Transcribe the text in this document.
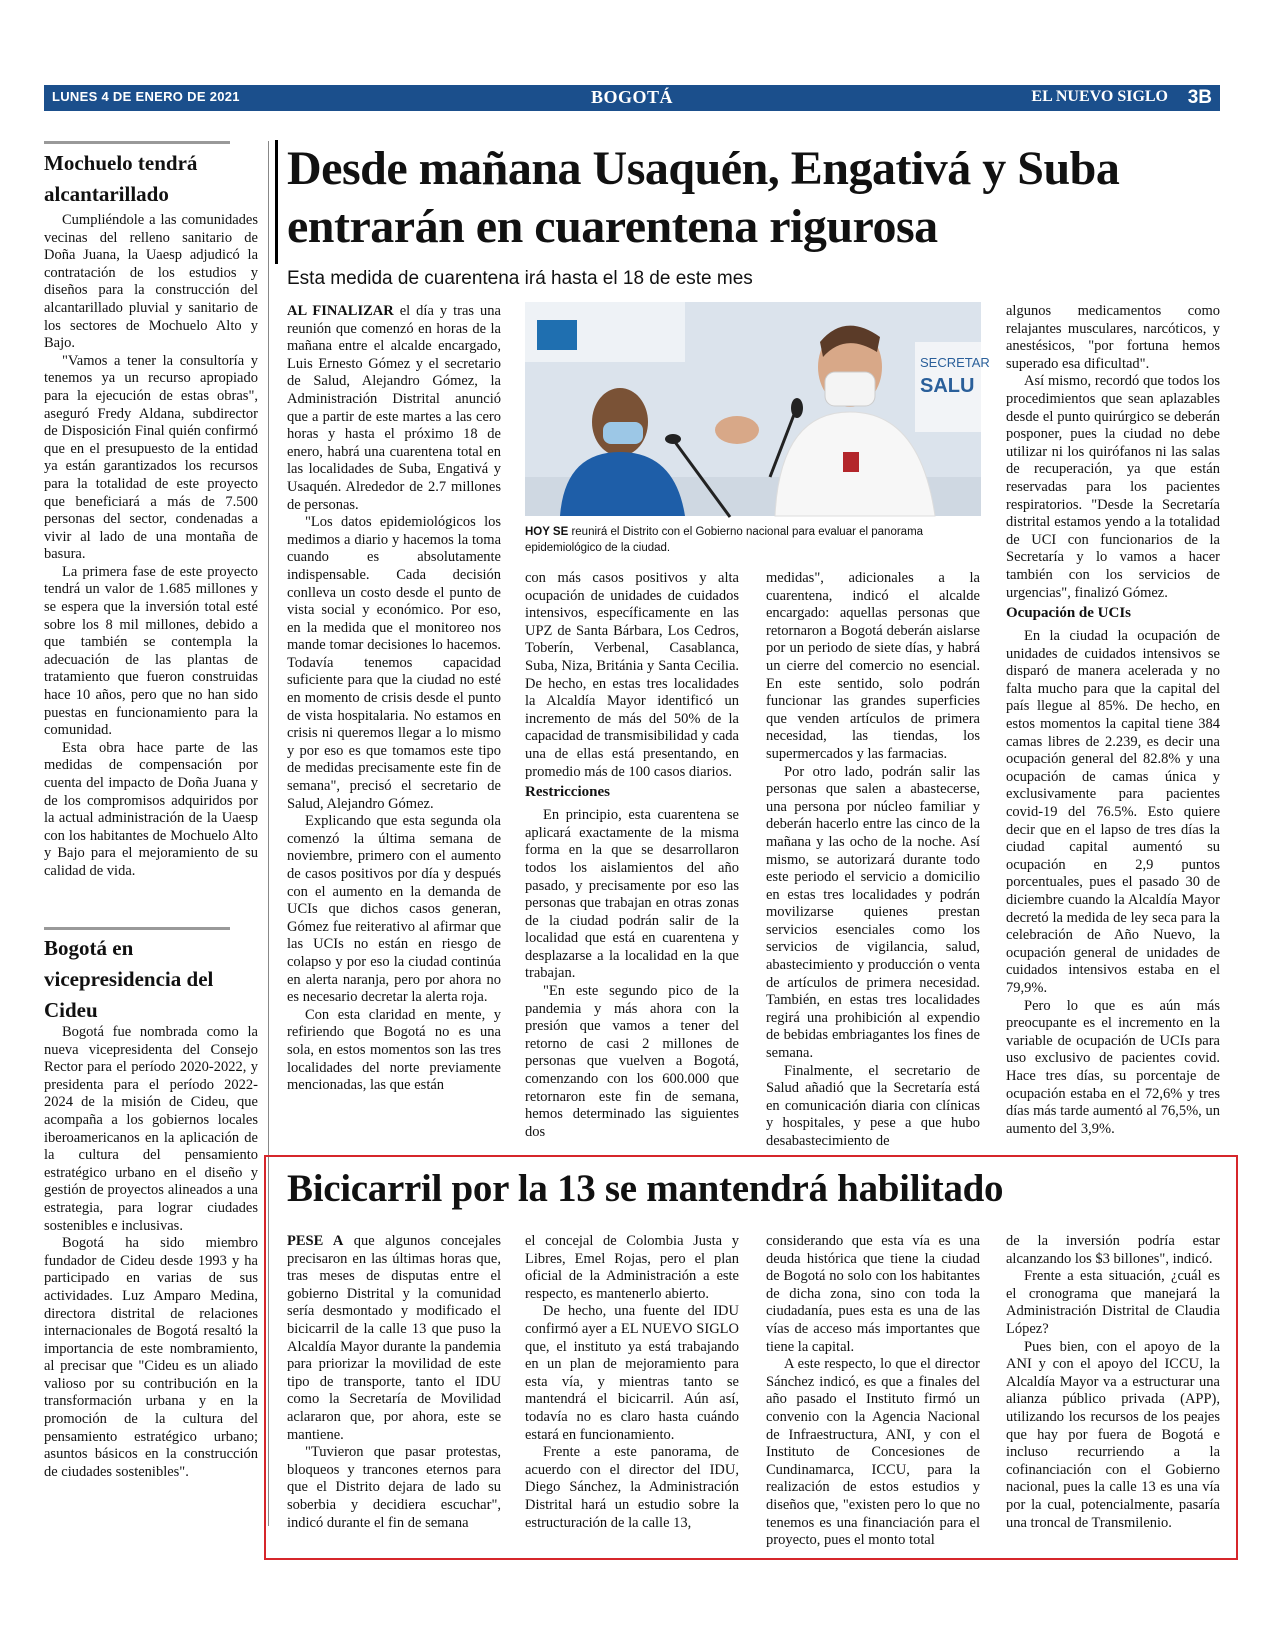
LUNES 4 DE ENERO DE 2021	BOGOTÁ	EL NUEVO SIGLO 3B
Mochuelo tendrá alcantarillado

Cumpliéndole a las comunidades vecinas del relleno sanitario de Doña Juana, la Uaesp adjudicó la contratación de los estudios y diseños para la construcción del alcantarillado pluvial y sanitario de los sectores de Mochuelo Alto y Bajo.

"Vamos a tener la consultoría y tenemos ya un recurso apropiado para la ejecución de estas obras", aseguró Fredy Aldana, subdirector de Disposición Final quién confirmó que en el presupuesto de la entidad ya están garantizados los recursos para la totalidad de este proyecto que beneficiará a más de 7.500 personas del sector, condenadas a vivir al lado de una montaña de basura.

La primera fase de este proyecto tendrá un valor de 1.685 millones y se espera que la inversión total esté sobre los 8 mil millones, debido a que también se contempla la adecuación de las plantas de tratamiento que fueron construidas hace 10 años, pero que no han sido puestas en funcionamiento para la comunidad.

Esta obra hace parte de las medidas de compensación por cuenta del impacto de Doña Juana y de los compromisos adquiridos por la actual administración de la Uaesp con los habitantes de Mochuelo Alto y Bajo para el mejoramiento de su calidad de vida.

Bogotá en vicepresidencia del Cideu

Bogotá fue nombrada como la nueva vicepresidenta del Consejo Rector para el período 2020-2022, y presidenta para el período 2022-2024 de la misión de Cideu, que acompaña a los gobiernos locales iberoamericanos en la aplicación de la cultura del pensamiento estratégico urbano en el diseño y gestión de proyectos alineados a una estrategia, para lograr ciudades sostenibles e inclusivas.

Bogotá ha sido miembro fundador de Cideu desde 1993 y ha participado en varias de sus actividades. Luz Amparo Medina, directora distrital de relaciones internacionales de Bogotá resaltó la importancia de este nombramiento, al precisar que "Cideu es un aliado valioso por su contribución en la transformación urbana y en la promoción de la cultura del pensamiento estratégico urbano; asuntos básicos en la construcción de ciudades sostenibles".

Desde mañana Usaquén, Engativá y Suba entrarán en cuarentena rigurosa
Esta medida de cuarentena irá hasta el 18 de este mes

AL FINALIZAR el día y tras una reunión que comenzó en horas de la mañana entre el alcalde encargado, Luis Ernesto Gómez y el secretario de Salud, Alejandro Gómez, la Administración Distrital anunció que a partir de este martes a las cero horas y hasta el próximo 18 de enero, habrá una cuarentena total en las localidades de Suba, Engativá y Usaquén. Alrededor de 2.7 millones de personas.

"Los datos epidemiológicos los medimos a diario y hacemos la toma cuando es absolutamente indispensable. Cada decisión conlleva un costo desde el punto de vista social y económico. Por eso, en la medida que el monitoreo nos mande tomar decisiones lo hacemos. Todavía tenemos capacidad suficiente para que la ciudad no esté en momento de crisis desde el punto de vista hospitalaria. No estamos en crisis ni queremos llegar a lo mismo y por eso es que tomamos este tipo de medidas precisamente este fin de semana", precisó el secretario de Salud, Alejandro Gómez.

Explicando que esta segunda ola comenzó la última semana de noviembre, primero con el aumento de casos positivos por día y después con el aumento en la demanda de UCIs que dichos casos generan, Gómez fue reiterativo al afirmar que las UCIs no están en riesgo de colapso y por eso la ciudad continúa en alerta naranja, pero por ahora no es necesario decretar la alerta roja.

Con esta claridad en mente, y refiriendo que Bogotá no es una sola, en estos momentos son las tres localidades del norte previamente mencionadas, las que están

SECRETAR
SALU
HOY SE reunirá el Distrito con el Gobierno nacional para evaluar el panorama epidemiológico de la ciudad.

con más casos positivos y alta ocupación de unidades de cuidados intensivos, específicamente en las UPZ de Santa Bárbara, Los Cedros, Toberín, Verbenal, Casablanca, Suba, Niza, Británia y Santa Cecilia. De hecho, en estas tres localidades la Alcaldía Mayor identificó un incremento de más del 50% de la capacidad de transmisibilidad y cada una de ellas está presentando, en promedio más de 100 casos diarios.

Restricciones

En principio, esta cuarentena se aplicará exactamente de la misma forma en la que se desarrollaron todos los aislamientos del año pasado, y precisamente por eso las personas que trabajan en otras zonas de la ciudad podrán salir de la localidad que está en cuarentena y desplazarse a la localidad en la que trabajan.

"En este segundo pico de la pandemia y más ahora con la presión que vamos a tener del retorno de casi 2 millones de personas que vuelven a Bogotá, comenzando con los 600.000 que retornaron este fin de semana, hemos determinado las siguientes dos

medidas", adicionales a la cuarentena, indicó el alcalde encargado: aquellas personas que retornaron a Bogotá deberán aislarse por un periodo de siete días, y habrá un cierre del comercio no esencial. En este sentido, solo podrán funcionar las grandes superficies que venden artículos de primera necesidad, las tiendas, los supermercados y las farmacias.

Por otro lado, podrán salir las personas que salen a abastecerse, una persona por núcleo familiar y deberán hacerlo entre las cinco de la mañana y las ocho de la noche. Así mismo, se autorizará durante todo este periodo el servicio a domicilio en estas tres localidades y podrán movilizarse quienes prestan servicios esenciales como los servicios de vigilancia, salud, abastecimiento y producción o venta de artículos de primera necesidad. También, en estas tres localidades regirá una prohibición al expendio de bebidas embriagantes los fines de semana.

Finalmente, el secretario de Salud añadió que la Secretaría está en comunicación diaria con clínicas y hospitales, y pese a que hubo desabastecimiento de

algunos medicamentos como relajantes musculares, narcóticos, y anestésicos, "por fortuna hemos superado esa dificultad".

Así mismo, recordó que todos los procedimientos que sean aplazables desde el punto quirúrgico se deberán posponer, pues la ciudad no debe utilizar ni los quirófanos ni las salas de recuperación, ya que están reservadas para los pacientes respiratorios. "Desde la Secretaría distrital estamos yendo a la totalidad de UCI con funcionarios de la Secretaría y lo vamos a hacer también con los servicios de urgencias", finalizó Gómez.

Ocupación de UCIs

En la ciudad la ocupación de unidades de cuidados intensivos se disparó de manera acelerada y no falta mucho para que la capital del país llegue al 85%. De hecho, en estos momentos la capital tiene 384 camas libres de 2.239, es decir una ocupación general del 82.8% y una ocupación de camas única y exclusivamente para pacientes covid-19 del 76.5%. Esto quiere decir que en el lapso de tres días la ciudad capital aumentó su ocupación en 2,9 puntos porcentuales, pues el pasado 30 de diciembre cuando la Alcaldía Mayor decretó la medida de ley seca para la celebración de Año Nuevo, la ocupación general de unidades de cuidados intensivos estaba en el 79,9%.

Pero lo que es aún más preocupante es el incremento en la variable de ocupación de UCIs para uso exclusivo de pacientes covid. Hace tres días, su porcentaje de ocupación estaba en el 72,6% y tres días más tarde aumentó al 76,5%, un aumento del 3,9%.

Bicicarril por la 13 se mantendrá habilitado

PESE A que algunos concejales precisaron en las últimas horas que, tras meses de disputas entre el gobierno Distrital y la comunidad sería desmontado y modificado el bicicarril de la calle 13 que puso la Alcaldía Mayor durante la pandemia para priorizar la movilidad de este tipo de transporte, tanto el IDU como la Secretaría de Movilidad aclararon que, por ahora, este se mantiene.

"Tuvieron que pasar protestas, bloqueos y trancones eternos para que el Distrito dejara de lado su soberbia y decidiera escuchar", indicó durante el fin de semana

el concejal de Colombia Justa y Libres, Emel Rojas, pero el plan oficial de la Administración a este respecto, es mantenerlo abierto.

De hecho, una fuente del IDU confirmó ayer a EL NUEVO SIGLO que, el instituto ya está trabajando en un plan de mejoramiento para esta vía, y mientras tanto se mantendrá el bicicarril. Aún así, todavía no es claro hasta cuándo estará en funcionamiento.

Frente a este panorama, de acuerdo con el director del IDU, Diego Sánchez, la Administración Distrital hará un estudio sobre la estructuración de la calle 13,

considerando que esta vía es una deuda histórica que tiene la ciudad de Bogotá no solo con los habitantes de dicha zona, sino con toda la ciudadanía, pues esta es una de las vías de acceso más importantes que tiene la capital.

A este respecto, lo que el director Sánchez indicó, es que a finales del año pasado el Instituto firmó un convenio con la Agencia Nacional de Infraestructura, ANI, y con el Instituto de Concesiones de Cundinamarca, ICCU, para la realización de estos estudios y diseños que, "existen pero lo que no tenemos es una financiación para el proyecto, pues el monto total

de la inversión podría estar alcanzando los $3 billones", indicó.

Frente a esta situación, ¿cuál es el cronograma que manejará la Administración Distrital de Claudia López?

Pues bien, con el apoyo de la ANI y con el apoyo del ICCU, la Alcaldía Mayor va a estructurar una alianza público privada (APP), utilizando los recursos de los peajes que hay por fuera de Bogotá e incluso recurriendo a la cofinanciación con el Gobierno nacional, pues la calle 13 es una vía por la cual, potencialmente, pasaría una troncal de Transmilenio.
